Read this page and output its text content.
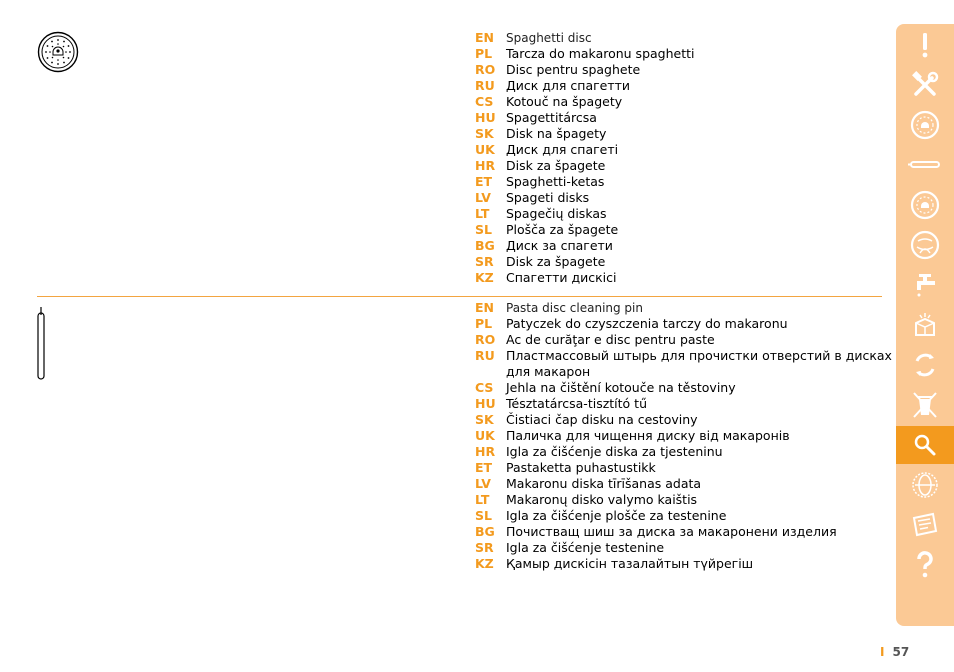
EN Spaghetti disc
PL	Tarcza do makaronu spaghetti
RO Disc pentru spaghete
RU Диск для спагетти
CS	Kotouč na špagety
HU Spagettitárcsa
SK Disk na špagety
UK Диск для спагеті
HR Disk za špagete
ET	Spaghetti-ketas
LV	Spageti disks
LT	Spagečių diskas
SL	Plošča za špagete
BG Диск за спагети
SR Disk za špagete
KZ Спагетти дискісі
EN Pasta disc cleaning pin
PL	Patyczek do czyszczenia tarczy do makaronu
RO Ac de curăţar e disc pentru paste
RU Пластмассовый штырь для прочистки отверстий в дисках для макарон
CS	Jehla na čištění kotouče na těstoviny
HU Tésztatárcsa-tisztító tű
SK Čistiaci čap disku na cestoviny
UK Паличка для чищення диску від макаронів
HR Igla za čišćenje diska za tjesteninu
ET	Pastaketta puhastustikk
LV	Makaronu diska tīrīšanas adata
LT	Makaronų disko valymo kaištis
SL	Igla za čišćenje plošče za testenine
BG Почистващ шиш за диска за макаронени изделия
SR Igla za čišćenje testenine
KZ Қамыр дискісін тазалайтын түйрегіш
I 57
